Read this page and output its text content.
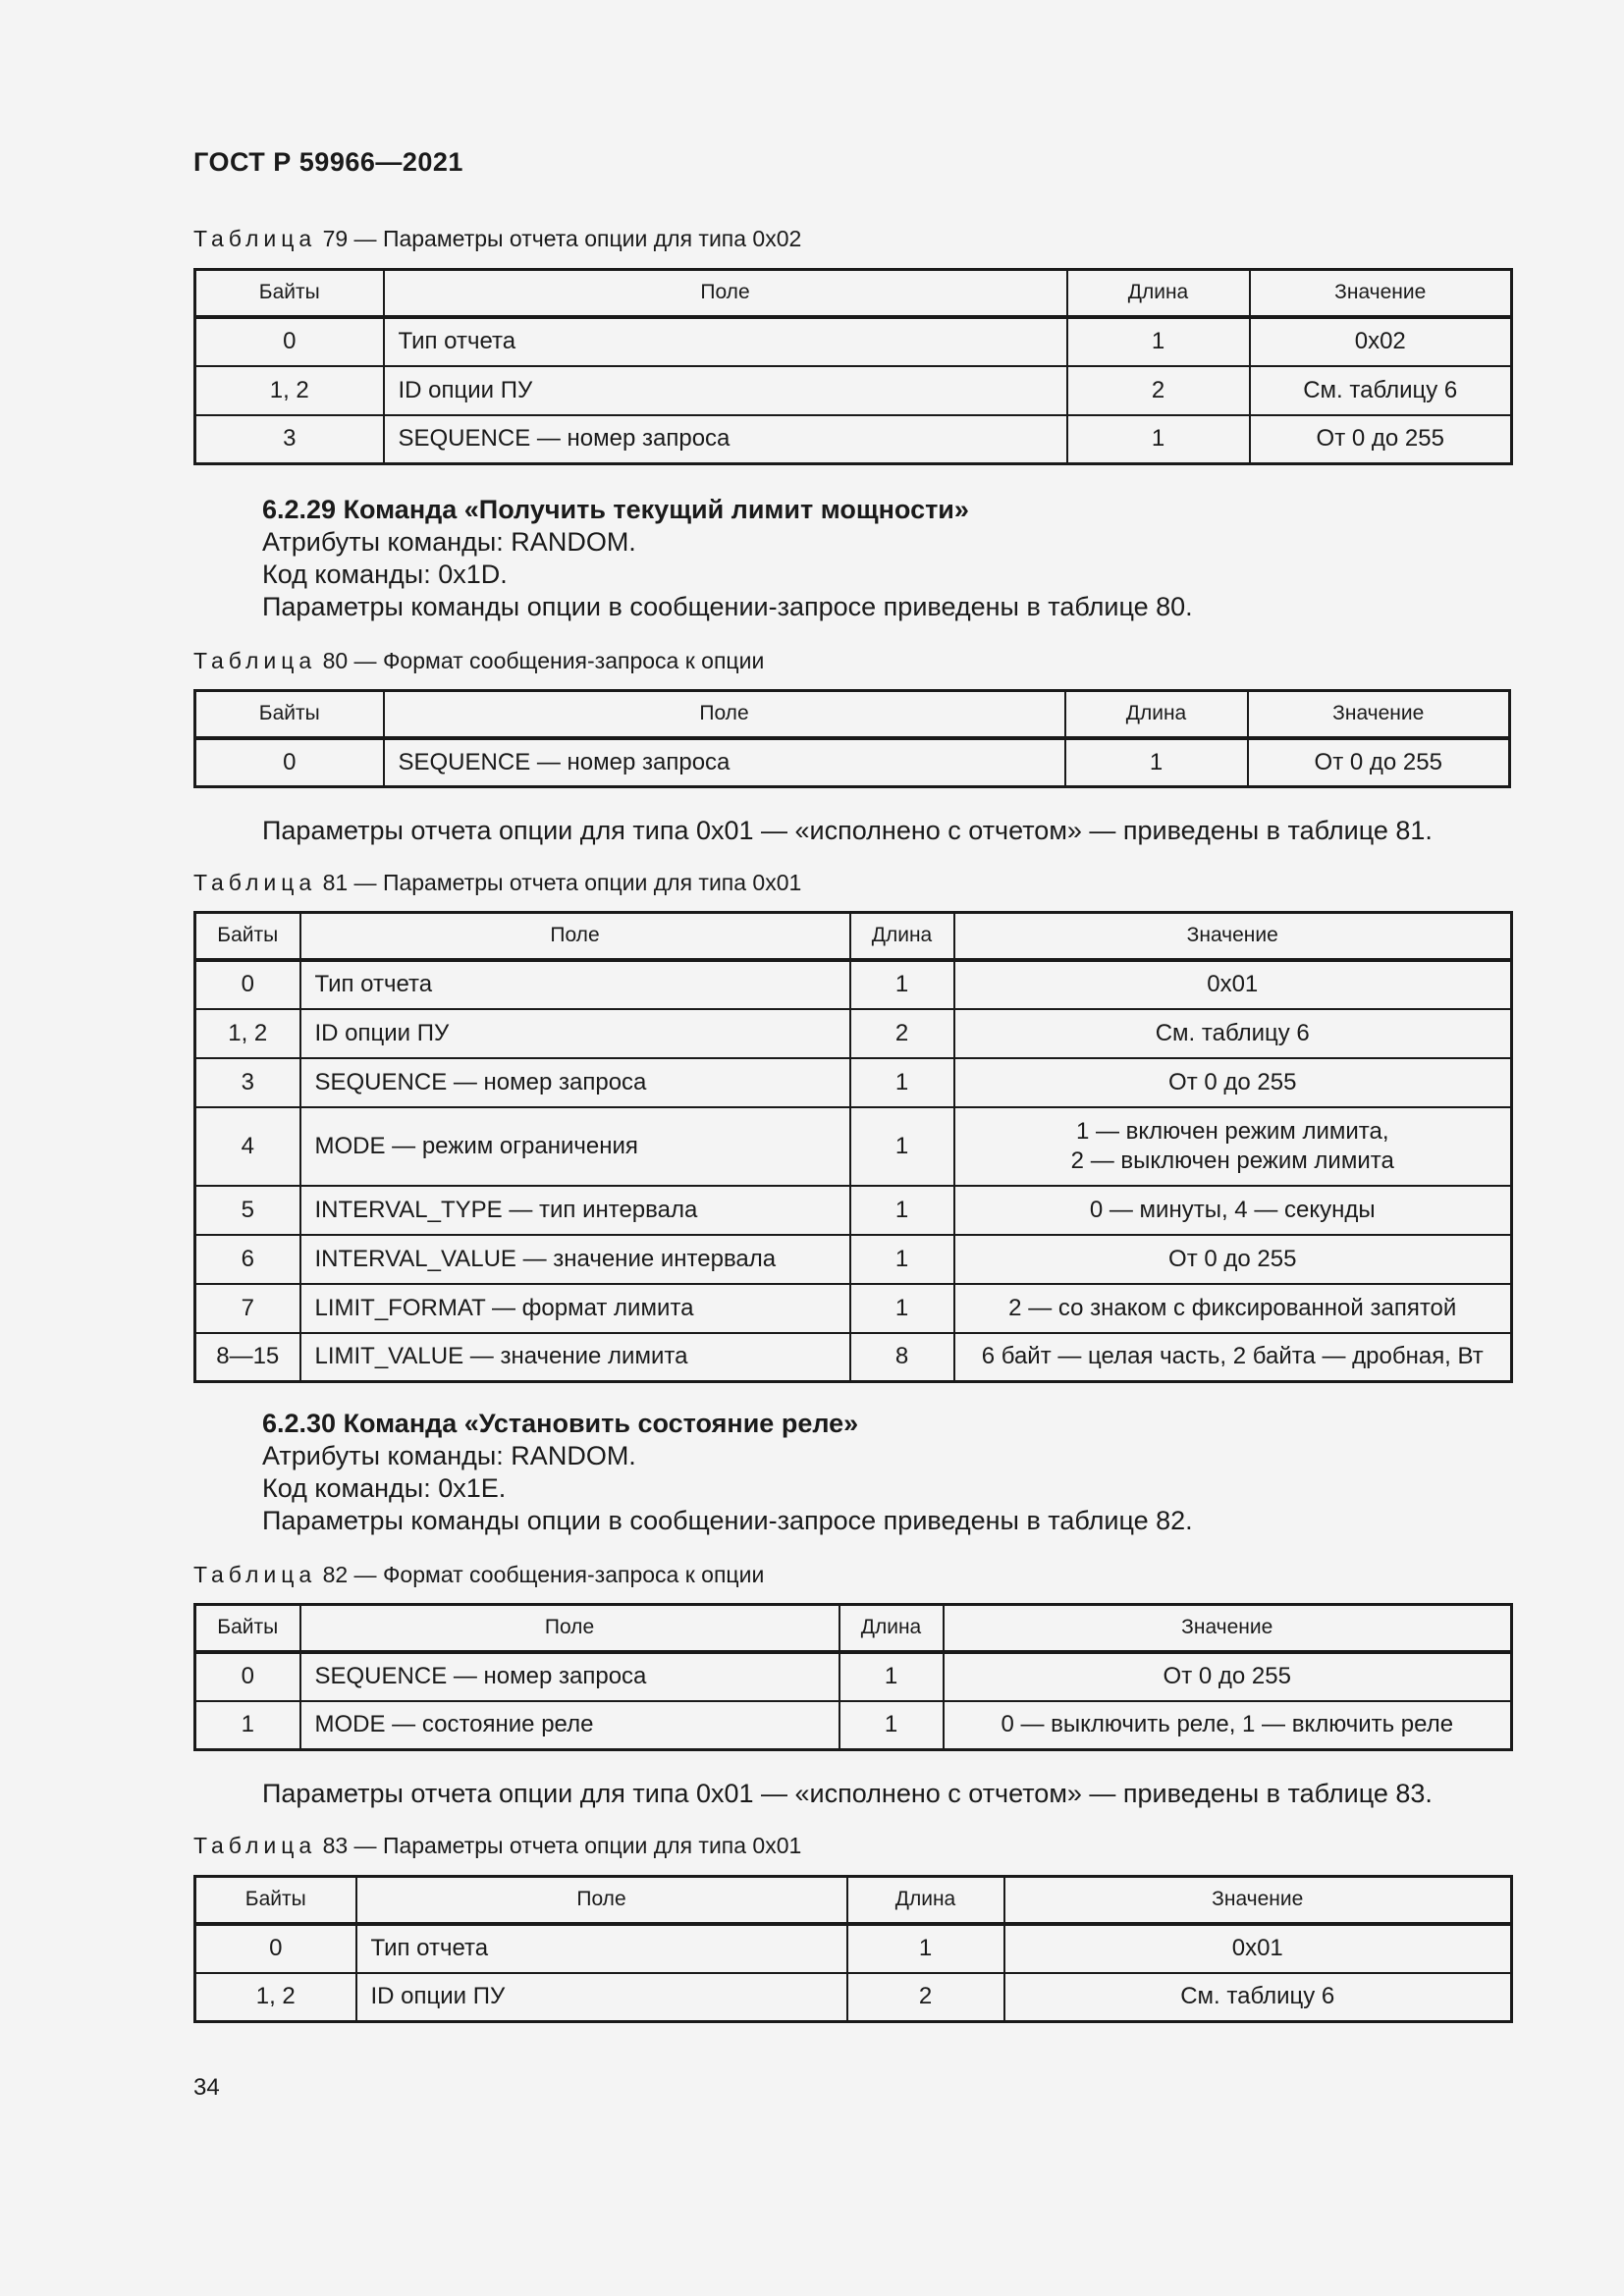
ГОСТ Р 59966—2021
Таблица 79 — Параметры отчета опции для типа 0x02
Байты	Поле	Длина	Значение
0	Тип отчета	1	0x02
1, 2	ID опции ПУ	2	См. таблицу 6
3	SEQUENCE — номер запроса	1	От 0 до 255
6.2.29 Команда «Получить текущий лимит мощности»
Атрибуты команды: RANDOM.
Код команды: 0x1D.
Параметры команды опции в сообщении-запросе приведены в таблице 80.
Таблица 80 — Формат сообщения-запроса к опции
Байты	Поле	Длина	Значение
0	SEQUENCE — номер запроса	1	От 0 до 255
Параметры отчета опции для типа 0x01 — «исполнено с отчетом» — приведены в таблице 81.
Таблица 81 — Параметры отчета опции для типа 0x01
Байты	Поле	Длина	Значение
0	Тип отчета	1	0x01
1, 2	ID опции ПУ	2	См. таблицу 6
3	SEQUENCE — номер запроса	1	От 0 до 255
4	MODE — режим ограничения	1	1 — включен режим лимита,
2 — выключен режим лимита

5	INTERVAL_TYPE — тип интервала	1	0 — минуты, 4 — секунды
6	INTERVAL_VALUE — значение интервала	1	От 0 до 255
7	LIMIT_FORMAT — формат лимита	1	2 — со знаком с фиксированной запятой
8—15	LIMIT_VALUE — значение лимита	8	6 байт — целая часть, 2 байта — дробная, Вт
6.2.30 Команда «Установить состояние реле»
Атрибуты команды: RANDOM.
Код команды: 0x1E.
Параметры команды опции в сообщении-запросе приведены в таблице 82.
Таблица 82 — Формат сообщения-запроса к опции
Байты	Поле	Длина	Значение
0	SEQUENCE — номер запроса	1	От 0 до 255
1	MODE — состояние реле	1	0 — выключить реле, 1 — включить реле
Параметры отчета опции для типа 0x01 — «исполнено с отчетом» — приведены в таблице 83.
Таблица 83 — Параметры отчета опции для типа 0x01
Байты	Поле	Длина	Значение
0	Тип отчета	1	0x01
1, 2	ID опции ПУ	2	См. таблицу 6
34
